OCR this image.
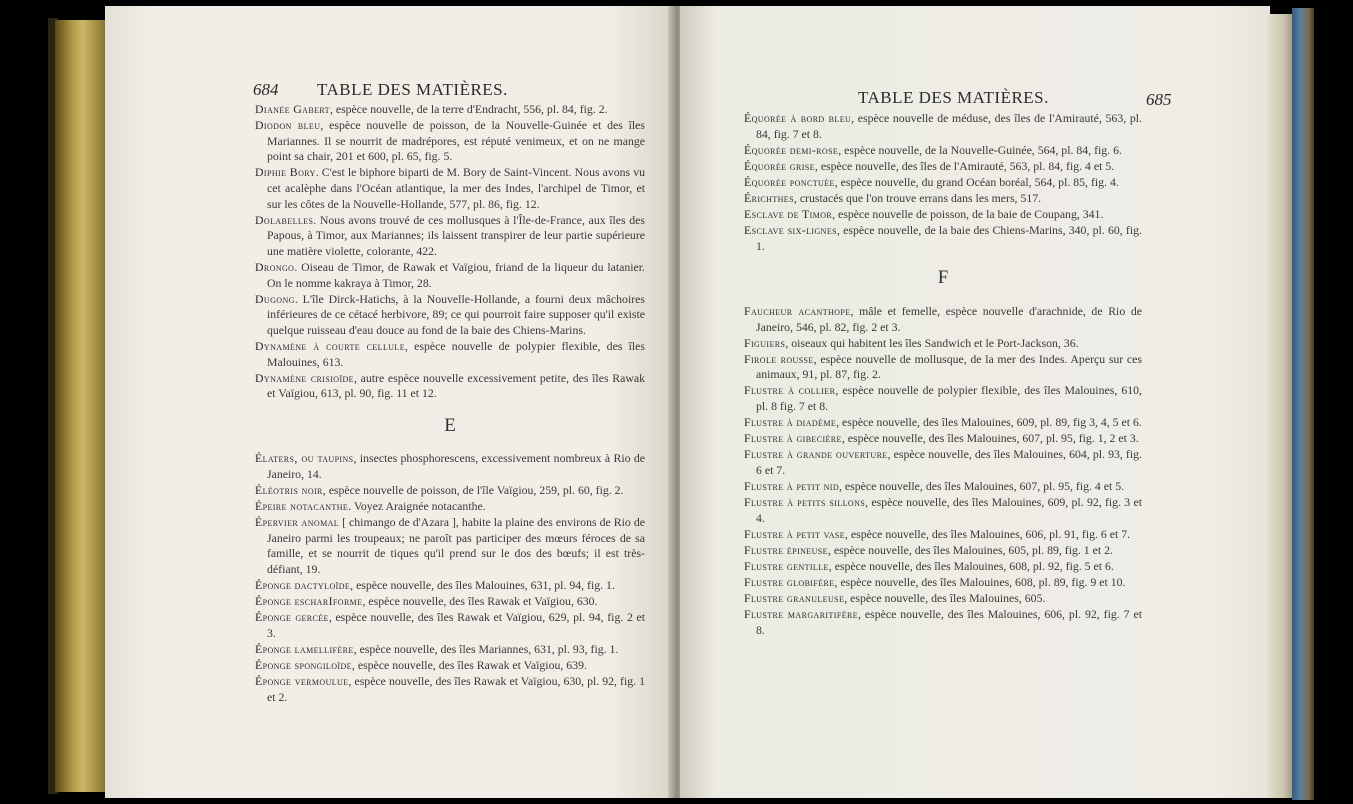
684 TABLE DES MATIÈRES.
Dianée Gabert, espèce nouvelle, de la terre d'Endracht, 556, pl. 84, fig. 2.
Diodon bleu, espèce nouvelle de poisson, de la Nouvelle-Guinée et des îles Mariannes. Il se nourrit de madrépores, est réputé venimeux, et on ne mange point sa chair, 201 et 600, pl. 65, fig. 5.
Diphie Bory. C'est le biphore biparti de M. Bory de Saint-Vincent. Nous avons vu cet acalèphe dans l'Océan atlantique, la mer des Indes, l'archipel de Timor, et sur les côtes de la Nouvelle-Hollande, 577, pl. 86, fig. 12.
Dolabelles. Nous avons trouvé de ces mollusques à l'Île-de-France, aux îles des Papous, à Timor, aux Mariannes; ils laissent transpirer de leur partie supérieure une matière violette, colorante, 422.
Drongo. Oiseau de Timor, de Rawak et Vaïgiou, friand de la liqueur du latanier. On le nomme kakraya à Timor, 28.
Dugong. L'île Dirck-Hatichs, à la Nouvelle-Hollande, a fourni deux mâchoires inférieures de ce cétacé herbivore, 89; ce qui pourroit faire supposer qu'il existe quelque ruisseau d'eau douce au fond de la baie des Chiens-Marins.
Dynamène à courte cellule, espèce nouvelle de polypier flexible, des îles Malouines, 613.
Dynamène crisioïde, autre espèce nouvelle excessivement petite, des îles Rawak et Vaïgiou, 613, pl. 90, fig. 11 et 12.
E
Élaters, ou taupins, insectes phosphorescens, excessivement nombreux à Rio de Janeiro, 14.
Éléotris noir, espèce nouvelle de poisson, de l'île Vaïgiou, 259, pl. 60, fig. 2.
Épeire notacanthe. Voyez Araignée notacanthe.
Épervier anomal [ chimango de d'Azara ], habite la plaine des environs de Rio de Janeiro parmi les troupeaux; ne paroît pas participer des mœurs féroces de sa famille, et se nourrit de tiques qu'il prend sur le dos des bœufs; il est très-défiant, 19.
Éponge dactyloïde, espèce nouvelle, des îles Malouines, 631, pl. 94, fig. 1.
Éponge escharIforme, espèce nouvelle, des îles Rawak et Vaïgiou, 630.
Éponge gercée, espèce nouvelle, des îles Rawak et Vaïgiou, 629, pl. 94, fig. 2 et 3.
Éponge lamellifère, espèce nouvelle, des îles Mariannes, 631, pl. 93, fig. 1.
Éponge spongiloïde, espèce nouvelle, des îles Rawak et Vaïgiou, 639.
Éponge vermoulue, espèce nouvelle, des îles Rawak et Vaïgiou, 630, pl. 92, fig. 1 et 2.
TABLE DES MATIÈRES.	685
Équorée à bord bleu, espèce nouvelle de méduse, des îles de l'Amirauté, 563, pl. 84, fig. 7 et 8.
Équorée demi-rose, espèce nouvelle, de la Nouvelle-Guinée, 564, pl. 84, fig. 6.
Équorée grise, espèce nouvelle, des îles de l'Amirauté, 563, pl. 84, fig. 4 et 5.
Équorée ponctuée, espèce nouvelle, du grand Océan boréal, 564, pl. 85, fig. 4.
Érichthes, crustacés que l'on trouve errans dans les mers, 517.
Esclave de Timor, espèce nouvelle de poisson, de la baie de Coupang, 341.
Esclave six-lignes, espèce nouvelle, de la baie des Chiens-Marins, 340, pl. 60, fig. 1.
F
Faucheur acanthope, mâle et femelle, espèce nouvelle d'arachnide, de Rio de Janeiro, 546, pl. 82, fig. 2 et 3.
Figuiers, oiseaux qui habitent les îles Sandwich et le Port-Jackson, 36.
Firole rousse, espèce nouvelle de mollusque, de la mer des Indes. Aperçu sur ces animaux, 91, pl. 87, fig. 2.
Flustre à collier, espèce nouvelle de polypier flexible, des îles Malouines, 610, pl. 8 fig. 7 et 8.
Flustre à diadème, espèce nouvelle, des îles Malouines, 609, pl. 89, fig 3, 4, 5 et 6.
Flustre à gibecière, espèce nouvelle, des îles Malouines, 607, pl. 95, fig. 1, 2 et 3.
Flustre à grande ouverture, espèce nouvelle, des îles Malouines, 604, pl. 93, fig. 6 et 7.
Flustre à petit nid, espèce nouvelle, des îles Malouines, 607, pl. 95, fig. 4 et 5.
Flustre à petits sillons, espèce nouvelle, des îles Malouines, 609, pl. 92, fig. 3 et 4.
Flustre à petit vase, espèce nouvelle, des îles Malouines, 606, pl. 91, fig. 6 et 7.
Flustre épineuse, espèce nouvelle, des îles Malouines, 605, pl. 89, fig. 1 et 2.
Flustre gentille, espèce nouvelle, des îles Malouines, 608, pl. 92, fig. 5 et 6.
Flustre globifère, espèce nouvelle, des îles Malouines, 608, pl. 89, fig. 9 et 10.
Flustre granuleuse, espèce nouvelle, des îles Malouines, 605.
Flustre margaritifère, espèce nouvelle, des îles Malouines, 606, pl. 92, fig. 7 et 8.
